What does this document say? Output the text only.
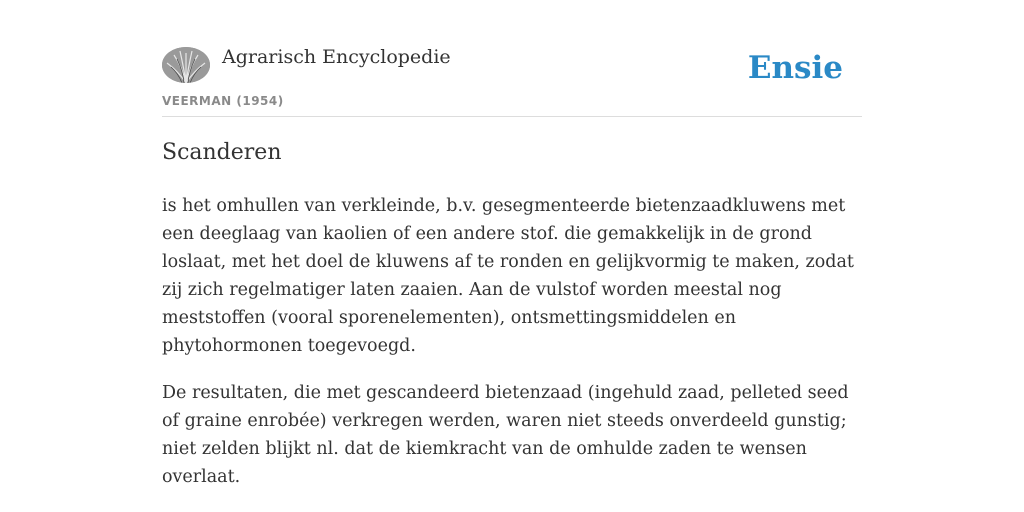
Agrarisch Encyclopedie
VEERMAN (1954)
Ensie
Scanderen

is het omhullen van verkleinde, b.v. gesegmenteerde bietenzaadkluwens met een deeglaag van kaolien of een andere stof. die gemakkelijk in de grond loslaat, met het doel de kluwens af te ronden en gelijkvormig te maken, zodat zij zich regelmatiger laten zaaien. Aan de vulstof worden meestal nog meststoffen (vooral sporenelementen), ontsmettingsmiddelen en phytohormonen toegevoegd.

De resultaten, die met gescandeerd bietenzaad (ingehuld zaad, pelleted seed of graine enrobée) verkregen werden, waren niet steeds onverdeeld gunstig; niet zelden blijkt nl. dat de kiemkracht van de omhulde zaden te wensen overlaat.
